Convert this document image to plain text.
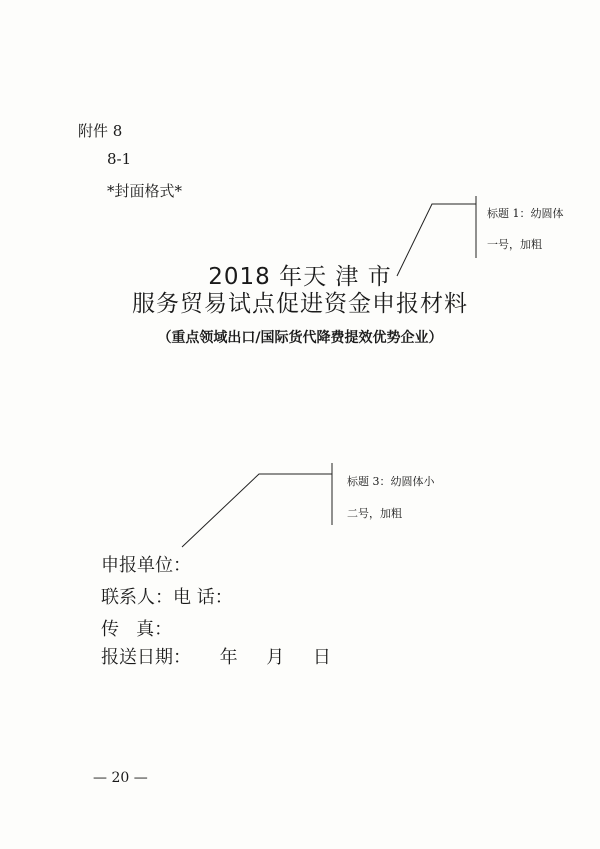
附件 8
8-1
*封面格式*
标题 1：幼圆体
一号，加粗
2018 年天 津 市
服务贸易试点促进资金申报材料
（重点领域出口/国际货代降费提效优势企业）
标题 3：幼圆体小
二号，加粗
申报单位：
联系人：电 话：
传   真：
报送日期：     年     月     日
— 20 —
